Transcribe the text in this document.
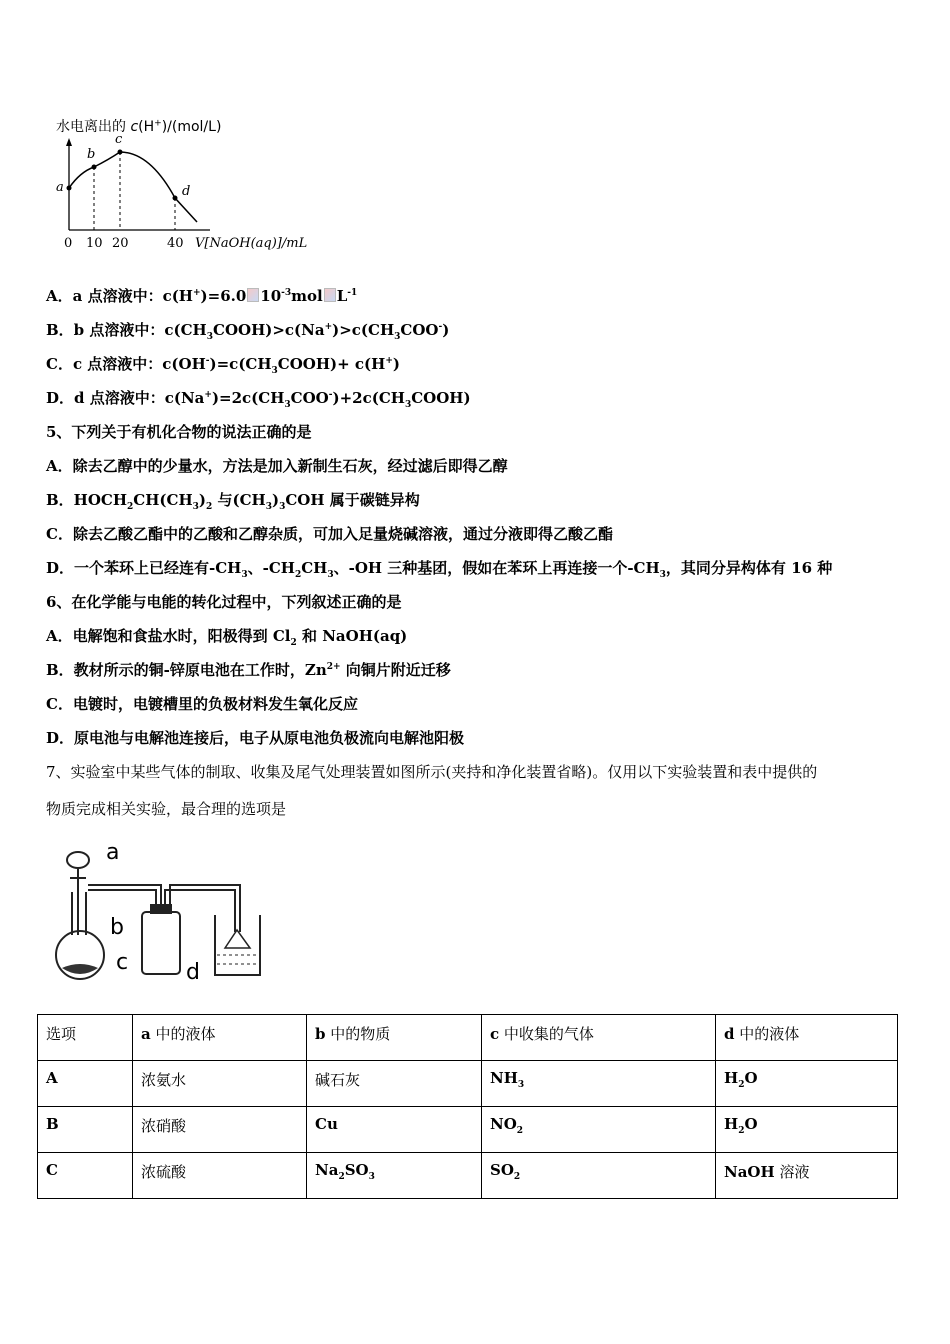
水电离出的 c(H+)/(mol/L)
a
b
c
d
0 10 20	40 V[NaOH(aq)]/mL
A．a 点溶液中：c(H+)=6.0 $10^{-3}mol$ $L^{-1}$
B．b 点溶液中：$c(CH_3COOH)>c(Na^+)>c(CH_3COO^-)$
C．c 点溶液中：$c(OH^-)=c(CH_3COOH)+ c(H^+)$
D．d 点溶液中：$c(Na^+)=2c(CH_3COO^-)+2c(CH_3COOH)$
5、下列关于有机化合物的说法正确的是
A．除去乙醇中的少量水，方法是加入新制生石灰，经过滤后即得乙醇
B．$HOCH_2CH(CH_3)_2$ 与$(CH_3)_3COH$ 属于碳链异构
C．除去乙酸乙酯中的乙酸和乙醇杂质，可加入足量烧碱溶液，通过分液即得乙酸乙酯
D．一个苯环上已经连有$-CH_3$、$-CH_2CH_3$、-OH 三种基团，假如在苯环上再连接一个$-CH_3$，其同分异构体有 16 种
6、在化学能与电能的转化过程中，下列叙述正确的是
A．电解饱和食盐水时，阳极得到 $Cl_2$ 和 NaOH(aq)
B．教材所示的铜-锌原电池在工作时，$Zn^{2+}$ 向铜片附近迁移
C．电镀时，电镀槽里的负极材料发生氧化反应
D．原电池与电解池连接后，电子从原电池负极流向电解池阳极
7、实验室中某些气体的制取、收集及尾气处理装置如图所示(夹持和净化装置省略)。仅用以下实验装置和表中提供的
物质完成相关实验，最合理的选项是
a
b
c	d
选项	a 中的液体	b 中的物质	c 中收集的气体	d 中的液体
A	浓氨水	碱石灰	$NH_3$	$H_2O$
B	浓硝酸	Cu	$NO_2$	$H_2O$
C	浓硫酸	$Na_2SO_3$	$SO_2$	NaOH 溶液
